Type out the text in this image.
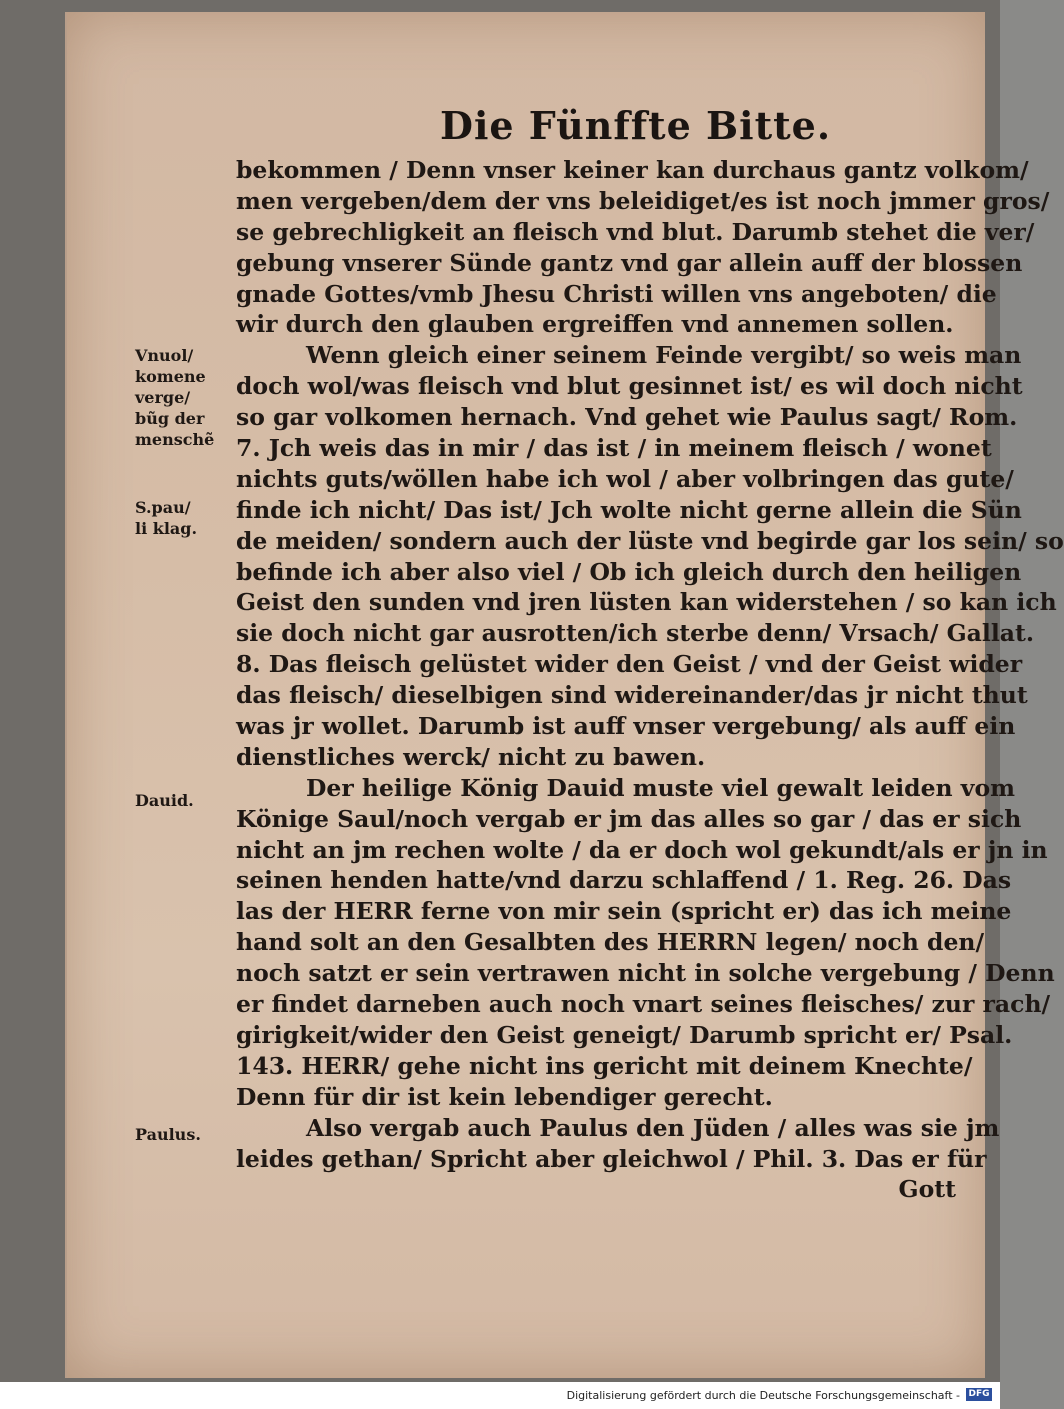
Die Fünffte Bitte.
bekommen / Denn vnser keiner kan durchaus gantz volkom/
men vergeben/dem der vns beleidiget/es ist noch jmmer gros/
se gebrechligkeit an fleisch vnd blut. Darumb stehet die ver/
gebung vnserer Sünde gantz vnd gar allein auff der blossen
gnade Gottes/vmb Jhesu Christi willen vns angeboten/ die
wir durch den glauben ergreiffen vnd annemen sollen.
Wenn gleich einer seinem Feinde vergibt/ so weis man
doch wol/was fleisch vnd blut gesinnet ist/ es wil doch nicht
so gar volkomen hernach. Vnd gehet wie Paulus sagt/ Rom.
7. Jch weis das in mir / das ist / in meinem fleisch / wonet
nichts guts/wöllen habe ich wol / aber volbringen das gute/
finde ich nicht/ Das ist/ Jch wolte nicht gerne allein die Sün
de meiden/ sondern auch der lüste vnd begirde gar los sein/ so
befinde ich aber also viel / Ob ich gleich durch den heiligen
Geist den sunden vnd jren lüsten kan widerstehen / so kan ich
sie doch nicht gar ausrotten/ich sterbe denn/ Vrsach/ Gallat.
8. Das fleisch gelüstet wider den Geist / vnd der Geist wider
das fleisch/ dieselbigen sind widereinander/das jr nicht thut
was jr wollet. Darumb ist auff vnser vergebung/ als auff ein
dienstliches werck/ nicht zu bawen.
Der heilige König Dauid muste viel gewalt leiden vom
Könige Saul/noch vergab er jm das alles so gar / das er sich
nicht an jm rechen wolte / da er doch wol gekundt/als er jn in
seinen henden hatte/vnd darzu schlaffend / 1. Reg. 26. Das
las der HERR ferne von mir sein (spricht er) das ich meine
hand solt an den Gesalbten des HERRN legen/ noch den/
noch satzt er sein vertrawen nicht in solche vergebung / Denn
er findet darneben auch noch vnart seines fleisches/ zur rach/
girigkeit/wider den Geist geneigt/ Darumb spricht er/ Psal.
143. HERR/ gehe nicht ins gericht mit deinem Knechte/
Denn für dir ist kein lebendiger gerecht.
Also vergab auch Paulus den Jüden / alles was sie jm
leides gethan/ Spricht aber gleichwol / Phil. 3. Das er für
Gott
Vnuol/
komene
verge/
bũg der
menschẽ
S.pau/
li klag.
Dauid.
Paulus.
Digitalisierung gefördert durch die Deutsche Forschungsgemeinschaft - DFG
